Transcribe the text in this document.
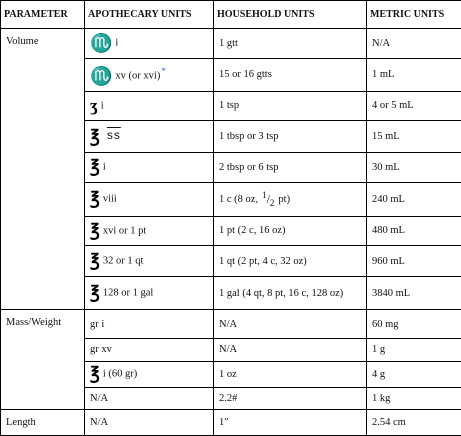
PARAMETER	APOTHECARY UNITS	HOUSEHOLD UNITS	METRIC UNITS
Volume	♏ i	1 gtt	N/A
	♏ xv (or xvi)*	15 or 16 gtts	1 mL
	ʒ i	1 tsp	4 or 5 mL
	℥ $\overline{ss}$	1 tbsp or 3 tsp	15 mL
	℥ i	2 tbsp or 6 tsp	30 mL
	℥ viii	1 c (8 oz, 1 / 2 pt)	240 mL
	℥ xvi or 1 pt	1 pt (2 c, 16 oz)	480 mL
	℥ 32 or 1 qt	1 qt (2 pt, 4 c, 32 oz)	960 mL
	℥ 128 or 1 gal	1 gal (4 qt, 8 pt, 16 c, 128 oz)	3840 mL
Mass/Weight	gr i	N/A	60 mg
	gr xv	N/A	1 g
	℥ i (60 gr)	1 oz	4 g
	N/A	2.2#	1 kg
Length	N/A	1″	2.54 cm
